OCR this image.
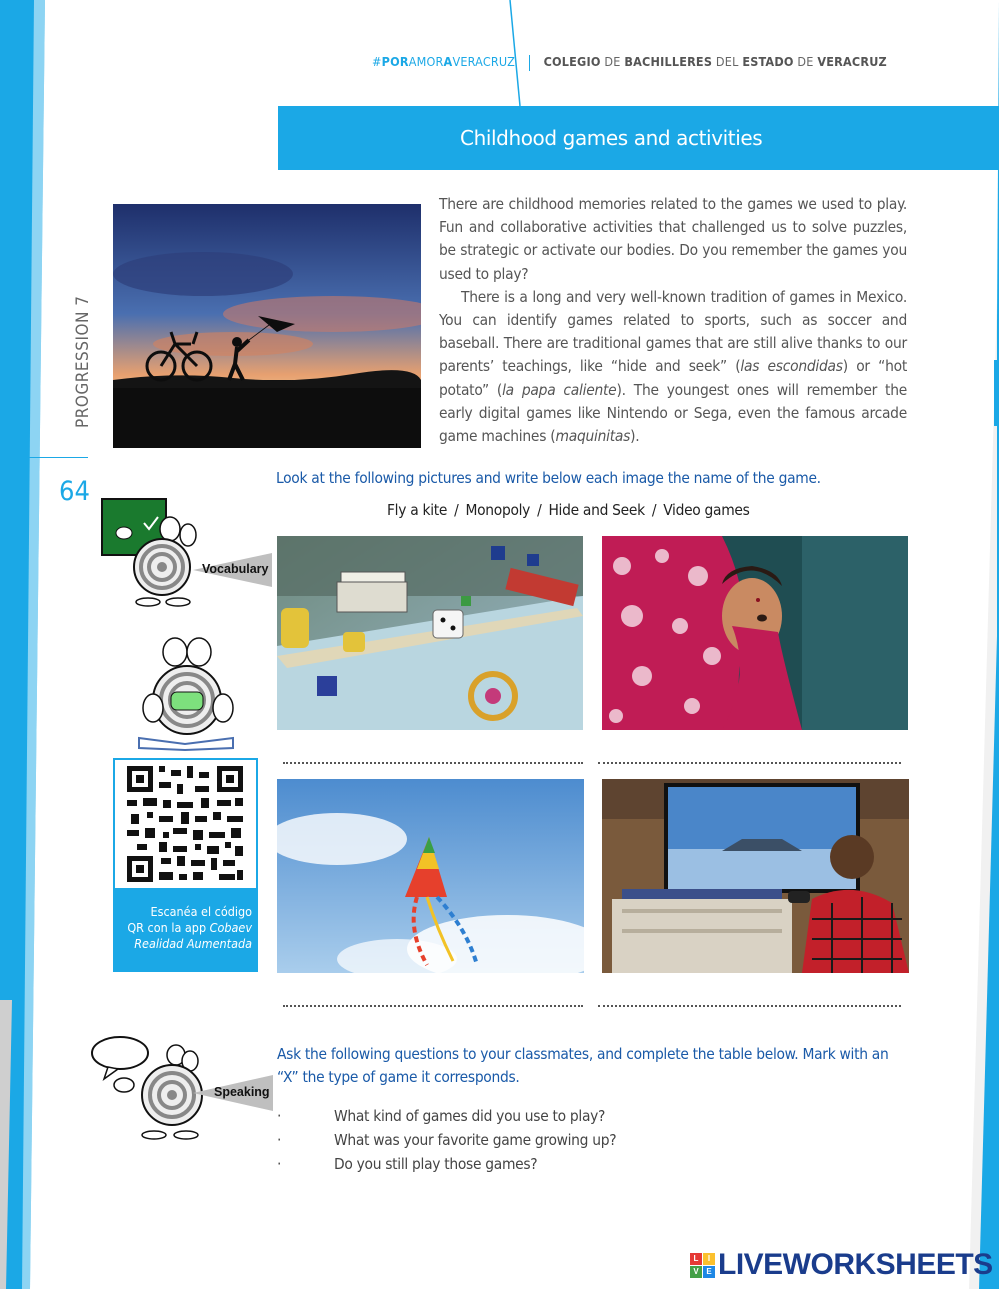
#PORAMORAVERACRUZ COLEGIO DE BACHILLERES DEL ESTADO DE VERACRUZ
Childhood games and activities
PROGRESSION 7
64

There are childhood memories related to the games we used to play. Fun and collaborative activities that challenged us to solve puzzles, be strategic or activate our bodies. Do you remember the games you used to play?

There is a long and very well-known tradition of games in Mexico. You can identify games related to sports, such as soccer and baseball. There are traditional games that are still alive thanks to our parents’ teachings, like “hide and seek” (las escondidas) or “hot potato” (la papa caliente). The youngest ones will remember the early digital games like Nintendo or Sega, even the famous arcade game machines (maquinitas).

Look at the following pictures and write below each image the name of the game.
Fly a kite / Monopoly / Hide and Seek / Video games
Vocabulary
Escanéa el código
QR con la app Cobaev
Realidad Aumentada
Speaking
Ask the following questions to your classmates, and complete the table below. Mark with an “X” the type of game it corresponds.
· What kind of games did you use to play?
· What was your favorite game growing up?
· Do you still play those games?
L	I
V E LIVEWORKSHEETS
